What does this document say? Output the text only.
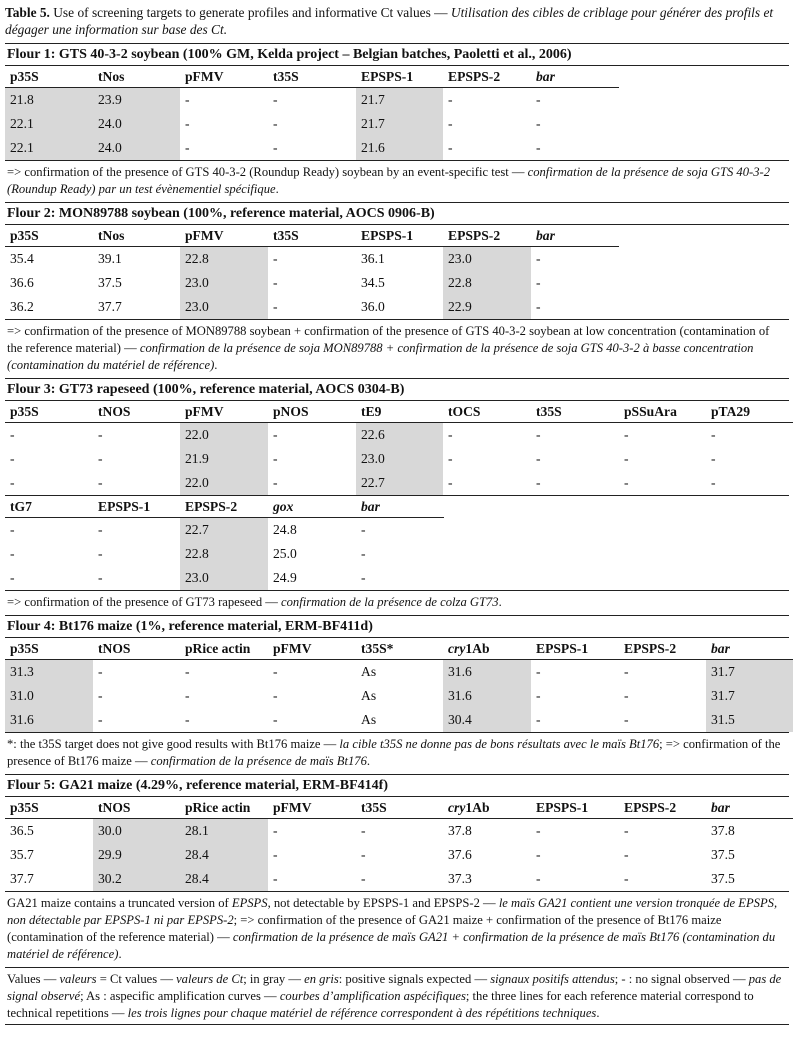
Table 5. Use of screening targets to generate profiles and informative Ct values — Utilisation des cibles de criblage pour générer des profils et dégager une information sur base des Ct.
Flour 1: GTS 40-3-2 soybean (100% GM, Kelda project – Belgian batches, Paoletti et al., 2006)
p35S	tNos	pFMV	t35S	EPSPS-1	EPSPS-2	bar
21.8	23.9	-	-	21.7	-	-
22.1	24.0	-	-	21.7	-	-
22.1	24.0	-	-	21.6	-	-
=> confirmation of the presence of GTS 40-3-2 (Roundup Ready) soybean by an event-specific test — confirmation de la présence de soja GTS 40-3-2 (Roundup Ready) par un test évènementiel spécifique.
Flour 2: MON89788 soybean (100%, reference material, AOCS 0906-B)
p35S	tNos	pFMV	t35S	EPSPS-1	EPSPS-2	bar
35.4	39.1	22.8	-	36.1	23.0	-
36.6	37.5	23.0	-	34.5	22.8	-
36.2	37.7	23.0	-	36.0	22.9	-
=> confirmation of the presence of MON89788 soybean + confirmation of the presence of GTS 40-3-2 soybean at low concentration (contamination of the reference material) — confirmation de la présence de soja MON89788 + confirmation de la présence de soja GTS 40-3-2 à basse concentration (contamination du matériel de référence).
Flour 3: GT73 rapeseed (100%, reference material, AOCS 0304-B)
p35S	tNOS	pFMV	pNOS	tE9	tOCS	t35S	pSSuAra	pTA29
-	-	22.0	-	22.6	-	-	-	-
-	-	21.9	-	23.0	-	-	-	-
-	-	22.0	-	22.7	-	-	-	-
tG7	EPSPS-1	EPSPS-2	gox	bar
-	-	22.7	24.8	-
-	-	22.8	25.0	-
-	-	23.0	24.9	-
=> confirmation of the presence of GT73 rapeseed — confirmation de la présence de colza GT73.
Flour 4: Bt176 maize (1%, reference material, ERM-BF411d)
p35S	tNOS	pRice actin	pFMV	t35S*	cry1Ab	EPSPS-1	EPSPS-2	bar
31.3	-	-	-	As	31.6	-	-	31.7
31.0	-	-	-	As	31.6	-	-	31.7
31.6	-	-	-	As	30.4	-	-	31.5
*: the t35S target does not give good results with Bt176 maize — la cible t35S ne donne pas de bons résultats avec le maïs Bt176; => confirmation of the presence of Bt176 maize — confirmation de la présence de maïs Bt176.
Flour 5: GA21 maize (4.29%, reference material, ERM-BF414f)
p35S	tNOS	pRice actin	pFMV	t35S	cry1Ab	EPSPS-1	EPSPS-2	bar
36.5	30.0	28.1	-	-	37.8	-	-	37.8
35.7	29.9	28.4	-	-	37.6	-	-	37.5
37.7	30.2	28.4	-	-	37.3	-	-	37.5
GA21 maize contains a truncated version of EPSPS, not detectable by EPSPS-1 and EPSPS-2 — le maïs GA21 contient une version tronquée de EPSPS, non détectable par EPSPS-1 ni par EPSPS-2; => confirmation of the presence of GA21 maize + confirmation of the presence of Bt176 maize (contamination of the reference material) — confirmation de la présence de maïs GA21 + confirmation de la présence de maïs Bt176 (contamination du matériel de référence).
Values — valeurs = Ct values — valeurs de Ct; in gray — en gris: positive signals expected — signaux positifs attendus; - : no signal observed — pas de signal observé; As : aspecific amplification curves — courbes d’amplification aspécifiques; the three lines for each reference material correspond to technical repetitions — les trois lignes pour chaque matériel de référence correspondent à des répétitions techniques.
